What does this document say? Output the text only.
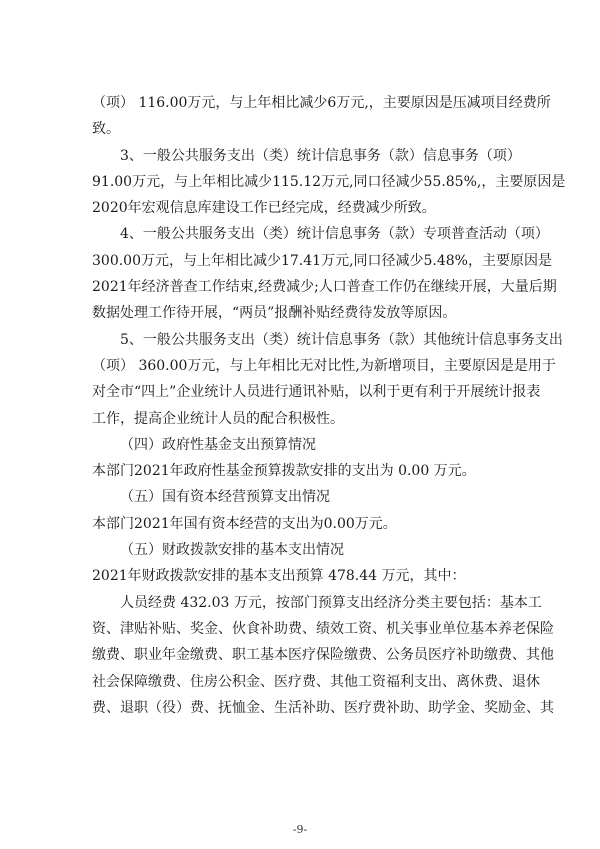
（项） 116.00万元，与上年相比减少6万元,，主要原因是压减项目经费所
致。
3、一般公共服务支出（类）统计信息事务（款）信息事务（项）
91.00万元，与上年相比减少115.12万元,同口径减少55.85%,，主要原因是
2020年宏观信息库建设工作已经完成，经费减少所致。
4、一般公共服务支出（类）统计信息事务（款）专项普查活动（项）
300.00万元，与上年相比减少17.41万元,同口径减少5.48%，主要原因是
2021年经济普查工作结束,经费减少;人口普查工作仍在继续开展，大量后期
数据处理工作待开展，“两员”报酬补贴经费待发放等原因。
5、一般公共服务支出（类）统计信息事务（款）其他统计信息事务支出
（项） 360.00万元，与上年相比无对比性,为新增项目，主要原因是是用于
对全市“四上”企业统计人员进行通讯补贴，以利于更有利于开展统计报表
工作，提高企业统计人员的配合积极性。
（四）政府性基金支出预算情况
本部门2021年政府性基金预算拨款安排的支出为 0.00 万元。
（五）国有资本经营预算支出情况
本部门2021年国有资本经营的支出为0.00万元。
（五）财政拨款安排的基本支出情况
2021年财政拨款安排的基本支出预算 478.44 万元，其中：
人员经费 432.03 万元，按部门预算支出经济分类主要包括：基本工
资、津贴补贴、奖金、伙食补助费、绩效工资、机关事业单位基本养老保险
缴费、职业年金缴费、职工基本医疗保险缴费、公务员医疗补助缴费、其他
社会保障缴费、住房公积金、医疗费、其他工资福利支出、离休费、退休
费、退职（役）费、抚恤金、生活补助、医疗费补助、助学金、奖励金、其
-9-
